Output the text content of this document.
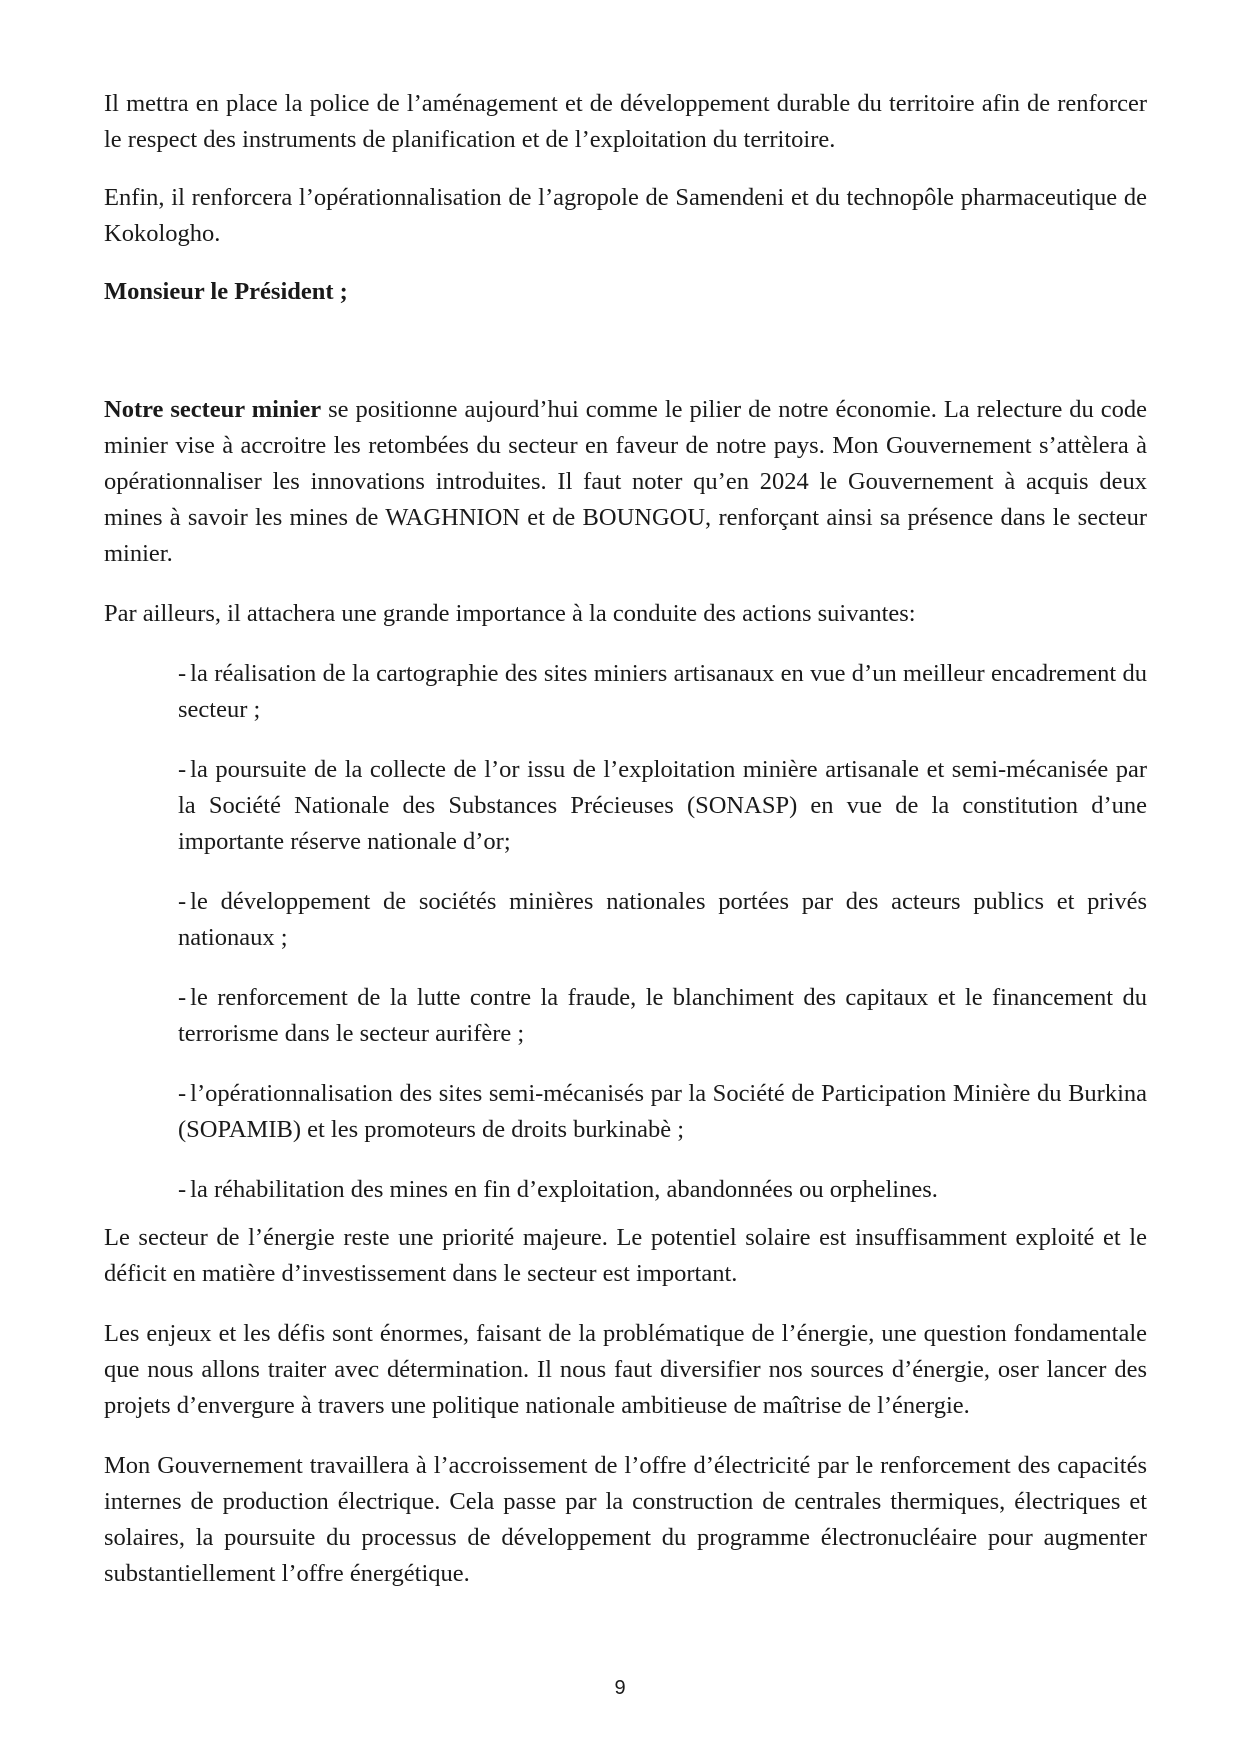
Il mettra en place la police de l’aménagement et de développement durable du territoire afin de renforcer le respect des instruments de planification et de l’exploitation du territoire.

Enfin, il renforcera l’opérationnalisation de l’agropole de Samendeni et du technopôle pharmaceutique de Kokologho.

Monsieur le Président ;

Notre secteur minier se positionne aujourd’hui comme le pilier de notre économie. La relecture du code minier vise à accroitre les retombées du secteur en faveur de notre pays. Mon Gouvernement s’attèlera à opérationnaliser les innovations introduites. Il faut noter qu’en 2024 le Gouvernement à acquis deux mines à savoir les mines de WAGHNION et de BOUNGOU, renforçant ainsi sa présence dans le secteur minier.

Par ailleurs, il attachera une grande importance à la conduite des actions suivantes:

- la réalisation de la cartographie des sites miniers artisanaux en vue d’un meilleur encadrement du secteur ;
- la poursuite de la collecte de l’or issu de l’exploitation minière artisanale et semi-mécanisée par la Société Nationale des Substances Précieuses (SONASP) en vue de la constitution d’une importante réserve nationale d’or;
- le développement de sociétés minières nationales portées par des acteurs publics et privés nationaux ;
- le renforcement de la lutte contre la fraude, le blanchiment des capitaux et le financement du terrorisme dans le secteur aurifère ;
- l’opérationnalisation des sites semi-mécanisés par la Société de Participation Minière du Burkina (SOPAMIB) et les promoteurs de droits burkinabè ;
- la réhabilitation des mines en fin d’exploitation, abandonnées ou orphelines.

Le secteur de l’énergie reste une priorité majeure. Le potentiel solaire est insuffisamment exploité et le déficit en matière d’investissement dans le secteur est important.

Les enjeux et les défis sont énormes, faisant de la problématique de l’énergie, une question fondamentale que nous allons traiter avec détermination. Il nous faut diversifier nos sources d’énergie, oser lancer des projets d’envergure à travers une politique nationale ambitieuse de maîtrise de l’énergie.

Mon Gouvernement travaillera à l’accroissement de l’offre d’électricité par le renforcement des capacités internes de production électrique. Cela passe par la construction de centrales thermiques, électriques et solaires, la poursuite du processus de développement du programme électronucléaire pour augmenter substantiellement l’offre énergétique.

9
